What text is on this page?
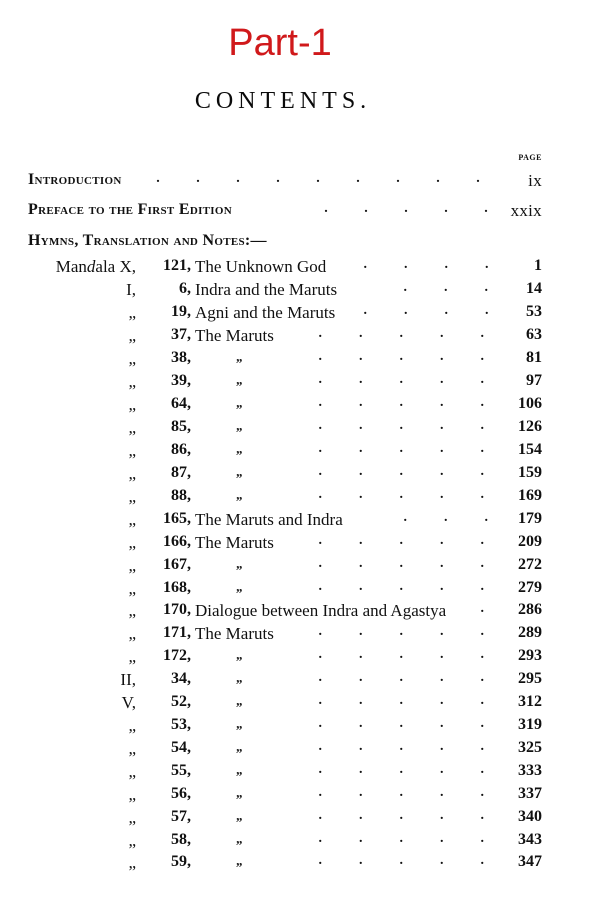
Part-1
CONTENTS.
PAGE
Introduction	.	.	.	.	.	.	.	.	.	ix
Preface to the First Edition	.	.	.	.	.	xxix
Hymns, Translation and Notes:—
Mandala X, 121, The Unknown God	.	.	.	.	1
I,	6, Indra and the Maruts	.	.	.	14
„ 19, Agni and the Maruts	.	.	.	.	53
„ 37, The Maruts	.	.	.	.	.	63
„ 38,	„	.	.	.	.	.	81
„ 39,	„	.	.	.	.	.	97
„ 64,	„	.	.	.	.	.	106
„ 85,	„	.	.	.	.	.	126
„ 86,	„	.	.	.	.	.	154
„ 87,	„	.	.	.	.	.	159
„ 88,	„	.	.	.	.	.	169
„ 165, The Maruts and Indra	.	.	.	179
„ 166, The Maruts	.	.	.	.	.	209
„ 167,	„	.	.	.	.	.	272
„ 168,	„	.	.	.	.	.	279
„ 170, Dialogue between Indra and Agastya	.	286
„ 171, The Maruts	.	.	.	.	.	289
„ 172,	„	.	.	.	.	.	293
II, 34,	„	.	.	.	.	.	295
V, 52,	„	.	.	.	.	.	312
„ 53,	„	.	.	.	.	.	319
„ 54,	„	.	.	.	.	.	325
„ 55,	„	.	.	.	.	.	333
„ 56,	„	.	.	.	.	.	337
„ 57,	„	.	.	.	.	.	340
„ 58,	„	.	.	.	.	.	343
„ 59,	„	.	.	.	.	.	347
